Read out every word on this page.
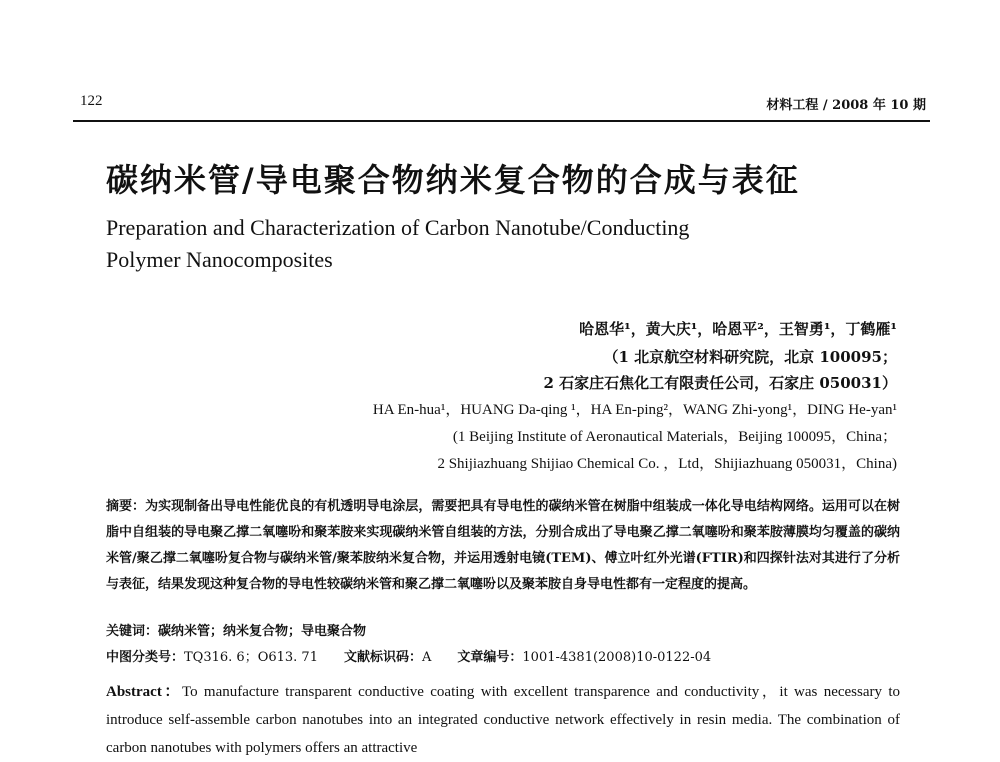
122	材料工程 / 2008 年 10 期
碳纳米管/导电聚合物纳米复合物的合成与表征
Preparation and Characterization of Carbon Nanotube/Conducting
Polymer Nanocomposites
哈恩华¹，黄大庆¹，哈恩平²，王智勇¹，丁鹤雁¹
（1 北京航空材料研究院，北京 100095；
2 石家庄石焦化工有限责任公司，石家庄 050031）
HA En-hua¹，HUANG Da-qing ¹，HA En-ping²，WANG Zhi-yong¹，DING He-yan¹
(1 Beijing Institute of Aeronautical Materials，Beijing 100095，China；
2 Shijiazhuang Shijiao Chemical Co. ，Ltd，Shijiazhuang 050031，China)
摘要：为实现制备出导电性能优良的有机透明导电涂层，需要把具有导电性的碳纳米管在树脂中组装成一体化导电结构网络。运用可以在树脂中自组装的导电聚乙撑二氧噻吩和聚苯胺来实现碳纳米管自组装的方法，分别合成出了导电聚乙撑二氧噻吩和聚苯胺薄膜均匀覆盖的碳纳米管/聚乙撑二氧噻吩复合物与碳纳米管/聚苯胺纳米复合物，并运用透射电镜(TEM)、傅立叶红外光谱(FTIR)和四探针法对其进行了分析与表征，结果发现这种复合物的导电性较碳纳米管和聚乙撑二氧噻吩以及聚苯胺自身导电性都有一定程度的提高。
关键词：碳纳米管；纳米复合物；导电聚合物
中图分类号：TQ316. 6；O613. 71 文献标识码：A 文章编号：1001-4381(2008)10-0122-04
Abstract：To manufacture transparent conductive coating with excellent transparence and conductivity，it was necessary to introduce self-assemble carbon nanotubes into an integrated conductive network effectively in resin media. The combination of carbon nanotubes with polymers offers an attractive
